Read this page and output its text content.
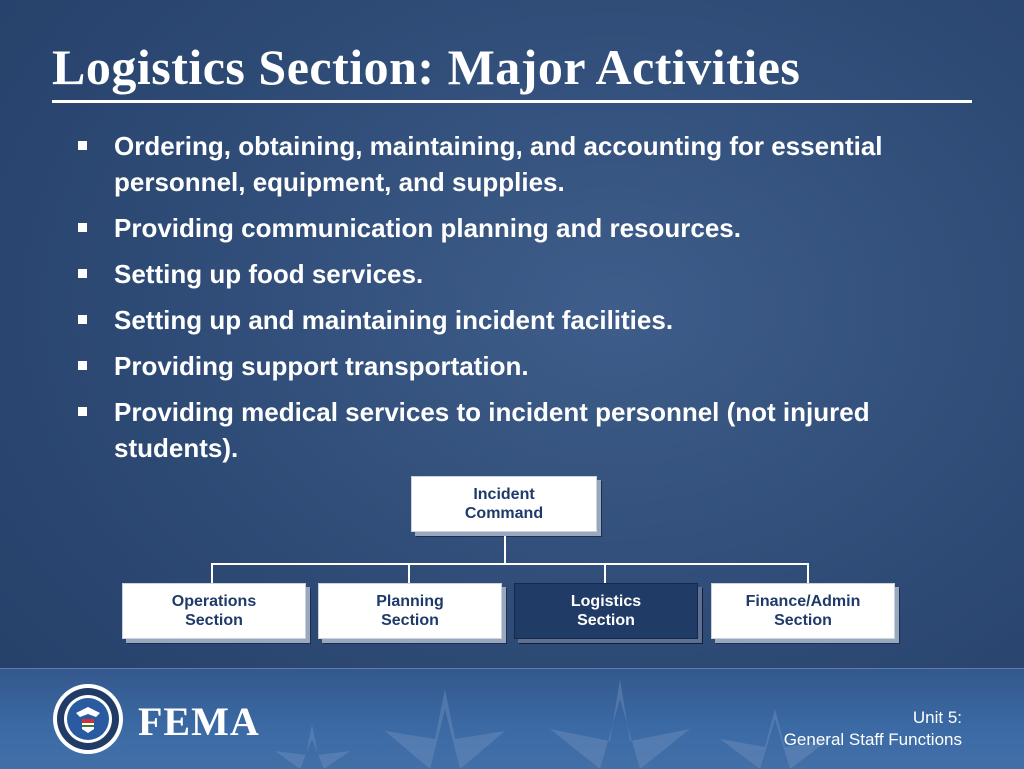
Logistics Section: Major Activities
Ordering, obtaining, maintaining, and accounting for essential personnel, equipment, and supplies.
Providing communication planning and resources.
Setting up food services.
Setting up and maintaining incident facilities.
Providing support transportation.
Providing medical services to incident personnel (not injured students).
Incident
Command
Operations
Section
Planning
Section
Logistics
Section
Finance/Admin
Section
FEMA	Unit 5:
General Staff Functions
